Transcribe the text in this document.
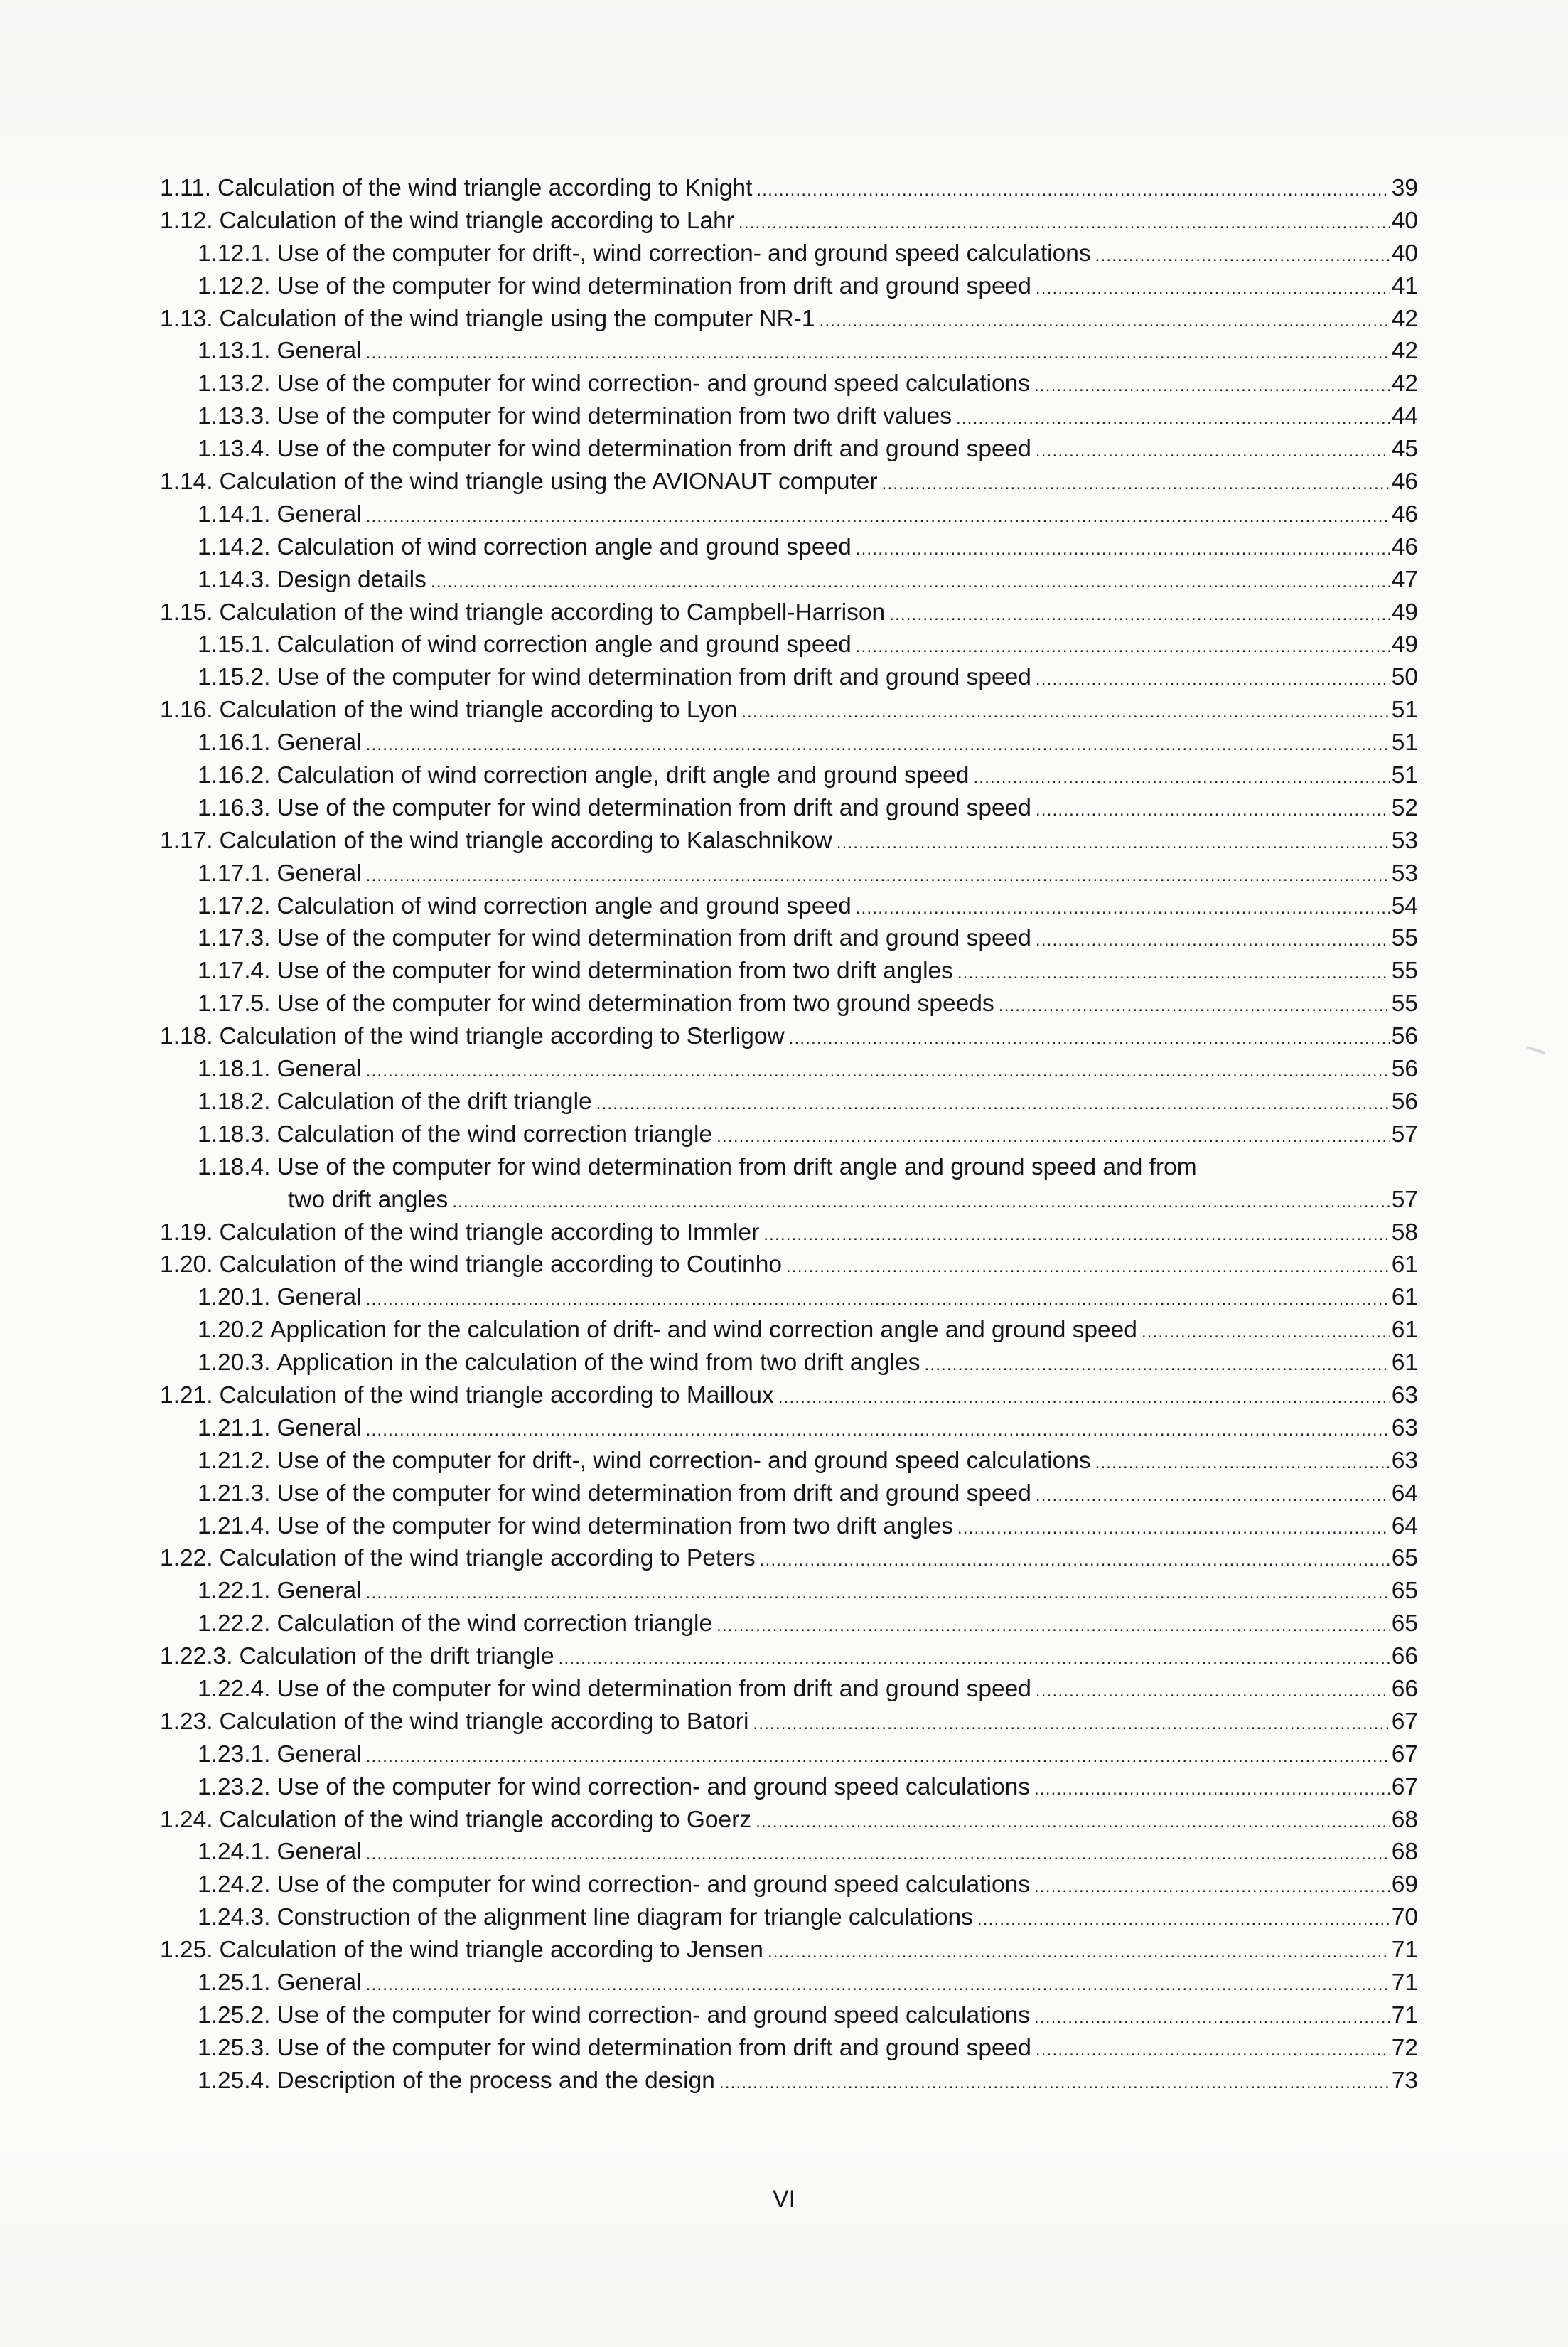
1.11. Calculation of the wind triangle according to Knight .....	39
1.12. Calculation of the wind triangle according to Lahr .....	40
1.12.1. Use of the computer for drift-, wind correction- and ground speed calculations .....	40
1.12.2. Use of the computer for wind determination from drift and ground speed .....	41
1.13. Calculation of the wind triangle using the computer NR-1 .....	42
1.13.1. General .....	42
1.13.2. Use of the computer for wind correction- and ground speed calculations .....	42
1.13.3. Use of the computer for wind determination from two drift values .....	44
1.13.4. Use of the computer for wind determination from drift and ground speed .....	45
1.14. Calculation of the wind triangle using the AVIONAUT computer .....	46
1.14.1. General .....	46
1.14.2. Calculation of wind correction angle and ground speed .....	46
1.14.3. Design details .....	47
1.15. Calculation of the wind triangle according to Campbell-Harrison .....	49
1.15.1. Calculation of wind correction angle and ground speed .....	49
1.15.2. Use of the computer for wind determination from drift and ground speed .....	50
1.16. Calculation of the wind triangle according to Lyon .....	51
1.16.1. General .....	51
1.16.2. Calculation of wind correction angle, drift angle and ground speed .....	51
1.16.3. Use of the computer for wind determination from drift and ground speed .....	52
1.17. Calculation of the wind triangle according to Kalaschnikow .....	53
1.17.1. General .....	53
1.17.2. Calculation of wind correction angle and ground speed .....	54
1.17.3. Use of the computer for wind determination from drift and ground speed .....	55
1.17.4. Use of the computer for wind determination from two drift angles .....	55
1.17.5. Use of the computer for wind determination from two ground speeds .....	55
1.18. Calculation of the wind triangle according to Sterligow .....	56
1.18.1. General .....	56
1.18.2. Calculation of the drift triangle .....	56
1.18.3. Calculation of the wind correction triangle .....	57
1.18.4. Use of the computer for wind determination from drift angle and ground speed and from
two drift angles .....	57
1.19. Calculation of the wind triangle according to Immler .....	58
1.20. Calculation of the wind triangle according to Coutinho .....	61
1.20.1. General .....	61
1.20.2 Application for the calculation of drift- and wind correction angle and ground speed .....	61
1.20.3. Application in the calculation of the wind from two drift angles .....	61
1.21. Calculation of the wind triangle according to Mailloux .....	63
1.21.1. General .....	63
1.21.2. Use of the computer for drift-, wind correction- and ground speed calculations .....	63
1.21.3. Use of the computer for wind determination from drift and ground speed .....	64
1.21.4. Use of the computer for wind determination from two drift angles .....	64
1.22. Calculation of the wind triangle according to Peters .....	65
1.22.1. General .....	65
1.22.2. Calculation of the wind correction triangle .....	65
1.22.3. Calculation of the drift triangle .....	66
1.22.4. Use of the computer for wind determination from drift and ground speed .....	66
1.23. Calculation of the wind triangle according to Batori .....	67
1.23.1. General .....	67
1.23.2. Use of the computer for wind correction- and ground speed calculations .....	67
1.24. Calculation of the wind triangle according to Goerz .....	68
1.24.1. General .....	68
1.24.2. Use of the computer for wind correction- and ground speed calculations .....	69
1.24.3. Construction of the alignment line diagram for triangle calculations .....	70
1.25. Calculation of the wind triangle according to Jensen .....	71
1.25.1. General .....	71
1.25.2. Use of the computer for wind correction- and ground speed calculations .....	71
1.25.3. Use of the computer for wind determination from drift and ground speed .....	72
1.25.4. Description of the process and the design .....	73
VI
